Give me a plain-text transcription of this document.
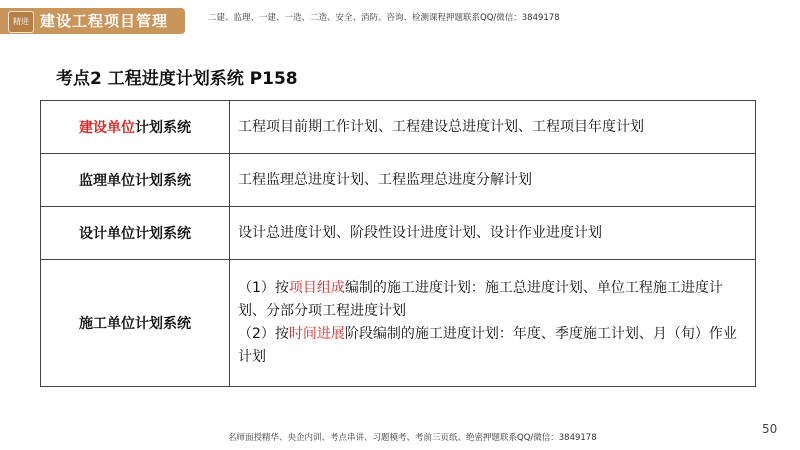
精进 建设工程项目管理	二建、监理、一建、一造、二造、安全、消防、咨询、检测课程押题联系QQ/微信：3849178
考点2 工程进度计划系统 P158
建设单位计划系统	工程项目前期工作计划、工程建设总进度计划、工程项目年度计划
监理单位计划系统	工程监理总进度计划、工程监理总进度分解计划
设计单位计划系统	设计总进度计划、阶段性设计进度计划、设计作业进度计划
施工单位计划系统	（1）按项目组成编制的施工进度计划：施工总进度计划、单位工程施工进度计划、分部分项工程进度计划
（2）按时间进展阶段编制的施工进度计划：年度、季度施工计划、月（旬）作业计划
50
名师面授精华、央企内训、考点串讲、习题模考、考前三页纸、绝密押题联系QQ/微信：3849178
